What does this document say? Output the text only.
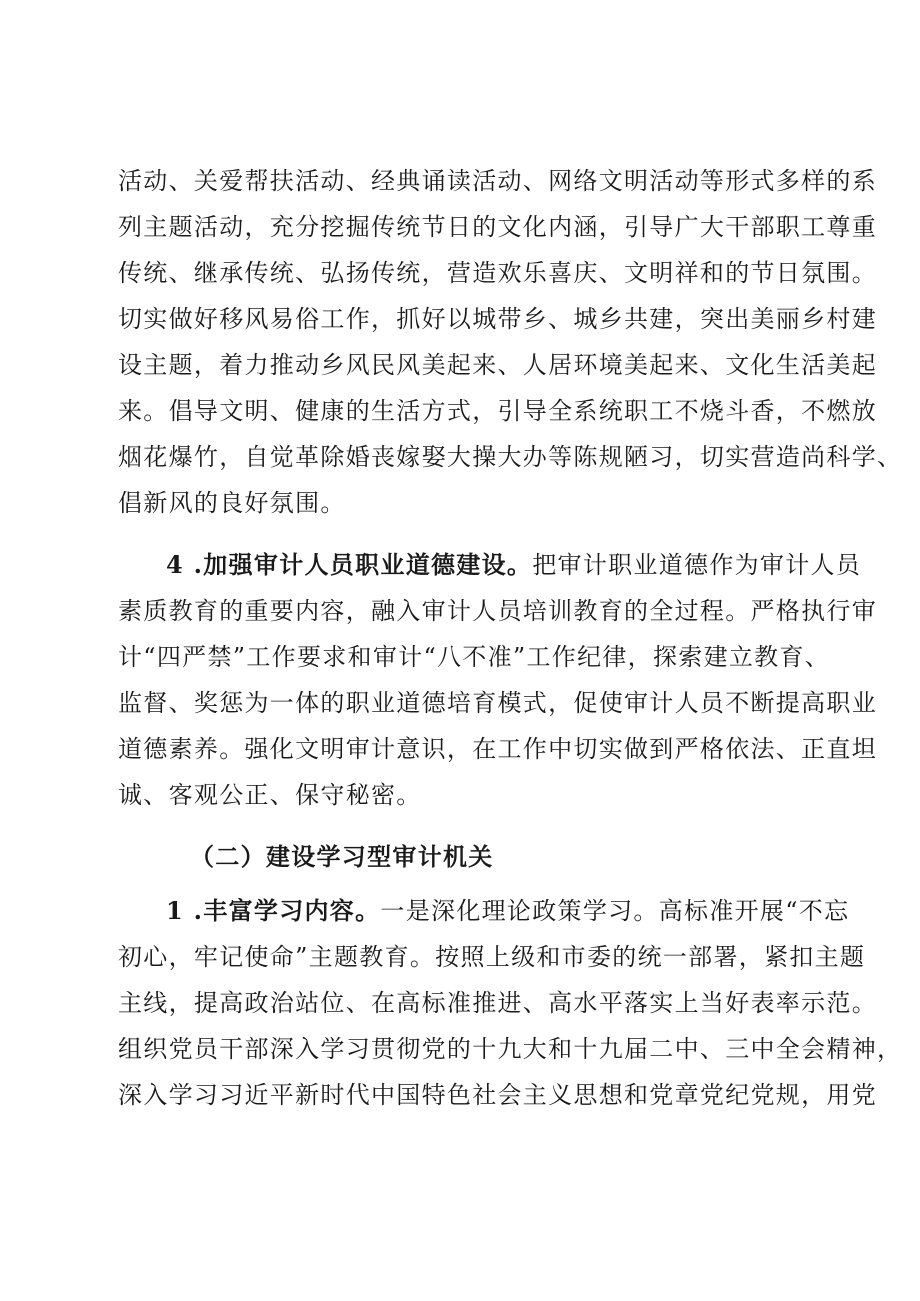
活动、关爱帮扶活动、经典诵读活动、网络文明活动等形式多样的系
列主题活动，充分挖掘传统节日的文化内涵，引导广大干部职工尊重
传统、继承传统、弘扬传统，营造欢乐喜庆、文明祥和的节日氛围。
切实做好移风易俗工作，抓好以城带乡、城乡共建，突出美丽乡村建
设主题，着力推动乡风民风美起来、人居环境美起来、文化生活美起
来。倡导文明、健康的生活方式，引导全系统职工不烧斗香，不燃放
烟花爆竹，自觉革除婚丧嫁娶大操大办等陈规陋习，切实营造尚科学、
倡新风的良好氛围。
4 .加强审计人员职业道德建设。把审计职业道德作为审计人员
素质教育的重要内容，融入审计人员培训教育的全过程。严格执行审
计“四严禁”工作要求和审计“八不准”工作纪律，探索建立教育、
监督、奖惩为一体的职业道德培育模式，促使审计人员不断提高职业
道德素养。强化文明审计意识，在工作中切实做到严格依法、正直坦
诚、客观公正、保守秘密。
（二）建设学习型审计机关
1 .丰富学习内容。一是深化理论政策学习。高标准开展“不忘
初心，牢记使命”主题教育。按照上级和市委的统一部署，紧扣主题
主线，提高政治站位、在高标准推进、高水平落实上当好表率示范。
组织党员干部深入学习贯彻党的十九大和十九届二中、三中全会精神，
深入学习习近平新时代中国特色社会主义思想和党章党纪党规，用党
